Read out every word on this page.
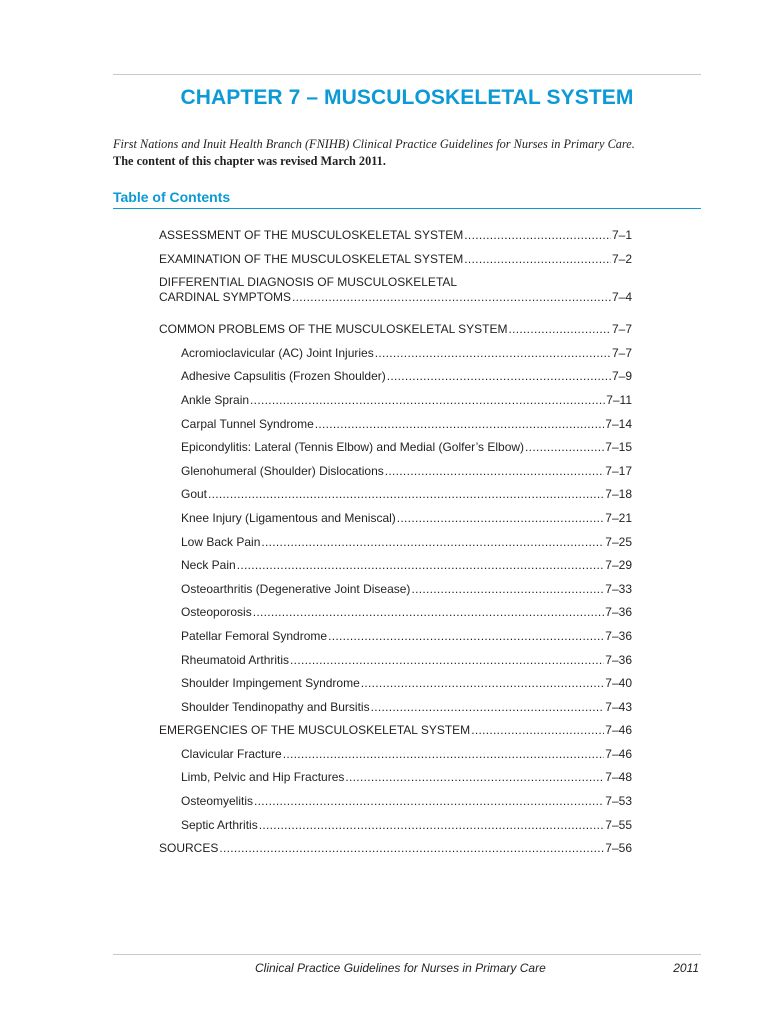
CHAPTER 7 – MUSCULOSKELETAL SYSTEM
First Nations and Inuit Health Branch (FNIHB) Clinical Practice Guidelines for Nurses in Primary Care.
The content of this chapter was revised March 2011.
Table of Contents
ASSESSMENT OF THE MUSCULOSKELETAL SYSTEM .....	7–1
EXAMINATION OF THE MUSCULOSKELETAL SYSTEM .....	7–2
DIFFERENTIAL DIAGNOSIS OF MUSCULOSKELETAL
CARDINAL SYMPTOMS .....	7–4
COMMON PROBLEMS OF THE MUSCULOSKELETAL SYSTEM .....	7–7
Acromioclavicular (AC) Joint Injuries .....	7–7
Adhesive Capsulitis (Frozen Shoulder) .....	7–9
Ankle Sprain .....	7–11
Carpal Tunnel Syndrome .....	7–14
Epicondylitis: Lateral (Tennis Elbow) and Medial (Golfer’s Elbow) .....	7–15
Glenohumeral (Shoulder) Dislocations .....	7–17
Gout .....	7–18
Knee Injury (Ligamentous and Meniscal) .....	7–21
Low Back Pain .....	7–25
Neck Pain .....	7–29
Osteoarthritis (Degenerative Joint Disease) .....	7–33
Osteoporosis .....	7–36
Patellar Femoral Syndrome .....	7–36
Rheumatoid Arthritis .....	7–36
Shoulder Impingement Syndrome .....	7–40
Shoulder Tendinopathy and Bursitis .....	7–43
EMERGENCIES OF THE MUSCULOSKELETAL SYSTEM .....	7–46
Clavicular Fracture .....	7–46
Limb, Pelvic and Hip Fractures .....	7–48
Osteomyelitis .....	7–53
Septic Arthritis .....	7–55
SOURCES .....	7–56
Clinical Practice Guidelines for Nurses in Primary Care	2011
